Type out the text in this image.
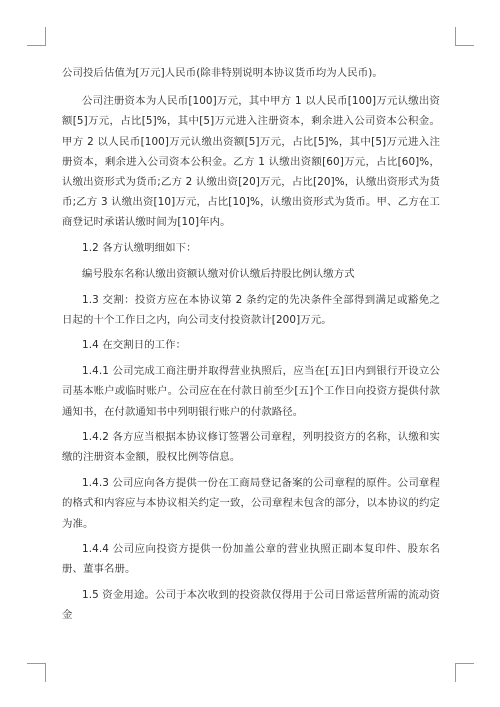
公司投后估值为[万元]人民币(除非特别说明本协议货币均为人民币)。

公司注册资本为人民币[100]万元，其中甲方 1 以人民币[100]万元认缴出资额[5]万元，占比[5]%，其中[5]万元进入注册资本，剩余进入公司资本公积金。甲方 2 以人民币[100]万元认缴出资额[5]万元，占比[5]%，其中[5]万元进入注册资本，剩余进入公司资本公积金。乙方 1 认缴出资额[60]万元，占比[60]%，认缴出资形式为货币;乙方 2 认缴出资[20]万元，占比[20]%，认缴出资形式为货币;乙方 3 认缴出资[10]万元，占比[10]%，认缴出资形式为货币。甲、乙方在工商登记时承诺认缴时间为[10]年内。

1.2 各方认缴明细如下：

编号股东名称认缴出资额认缴对价认缴后持股比例认缴方式

1.3 交割：投资方应在本协议第 2 条约定的先决条件全部得到满足或豁免之日起的十个工作日之内，向公司支付投资款计[200]万元。

1.4 在交割日的工作：

1.4.1 公司完成工商注册并取得营业执照后，应当在[五]日内到银行开设立公司基本账户或临时账户。公司应在在付款日前至少[五]个工作日向投资方提供付款通知书，在付款通知书中列明银行账户的付款路径。

1.4.2 各方应当根据本协议修订签署公司章程，列明投资方的名称，认缴和实缴的注册资本金额，股权比例等信息。

1.4.3 公司应向各方提供一份在工商局登记备案的公司章程的原件。公司章程的格式和内容应与本协议相关约定一致，公司章程未包含的部分，以本协议的约定为准。

1.4.4 公司应向投资方提供一份加盖公章的营业执照正副本复印件、股东名册、董事名册。

1.5 资金用途。公司于本次收到的投资款仅得用于公司日常运营所需的流动资金
